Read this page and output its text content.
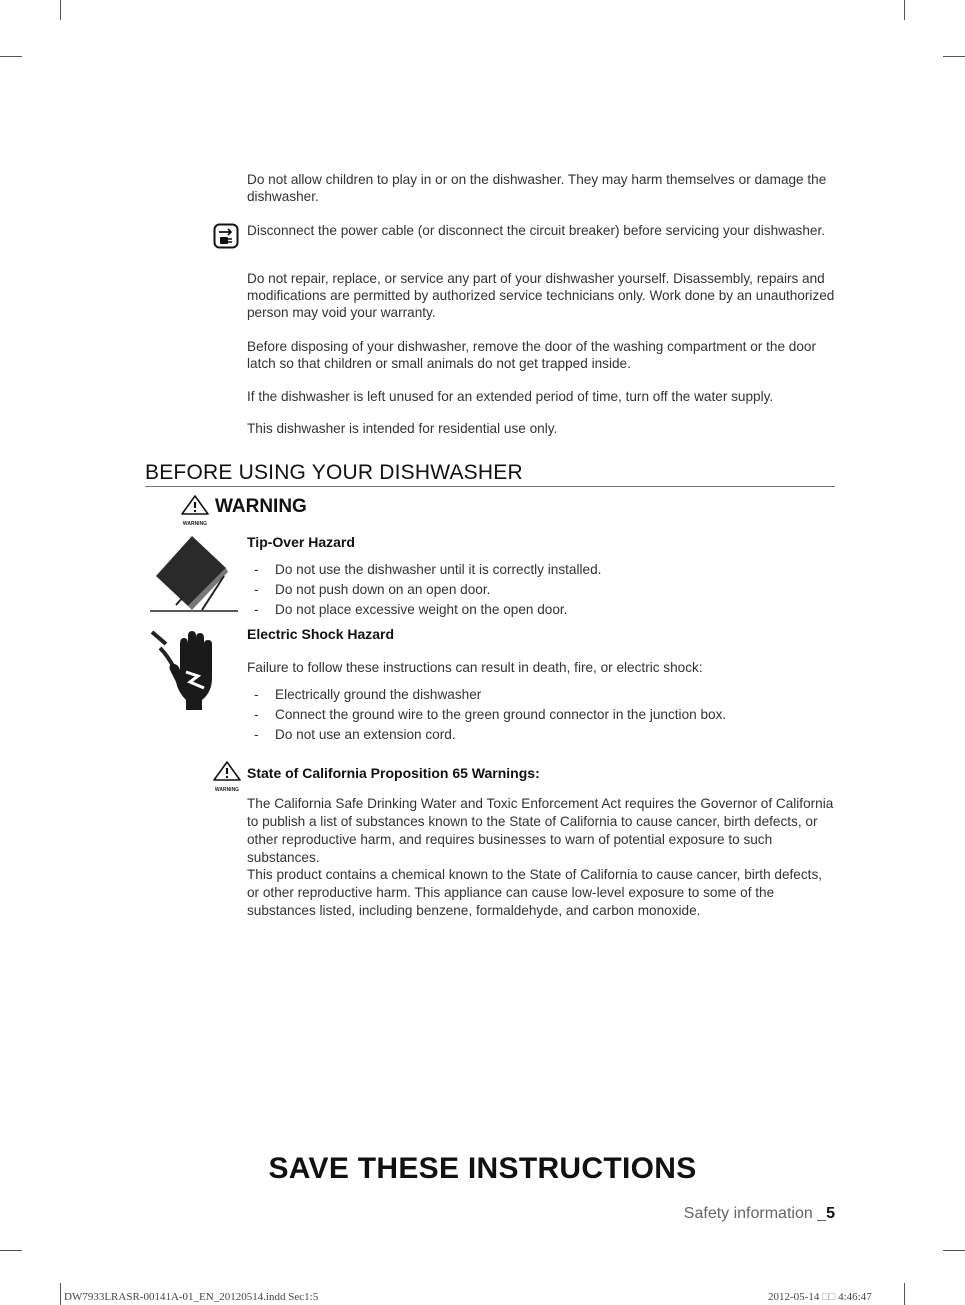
Do not allow children to play in or on the dishwasher. They may harm themselves or damage the dishwasher.

Disconnect the power cable (or disconnect the circuit breaker) before servicing your dishwasher.

Do not repair, replace, or service any part of your dishwasher yourself. Disassembly, repairs and modifications are permitted by authorized service technicians only. Work done by an unauthorized person may void your warranty.

Before disposing of your dishwasher, remove the door of the washing compartment or the door latch so that children or small animals do not get trapped inside.

If the dishwasher is left unused for an extended period of time, turn off the water supply.

This dishwasher is intended for residential use only.

BEFORE USING YOUR DISHWASHER
WARNING
WARNING
Tip-Over Hazard
- Do not use the dishwasher until it is correctly installed.
- Do not push down on an open door.
- Do not place excessive weight on the open door.
Electric Shock Hazard

Failure to follow these instructions can result in death, fire, or electric shock:

- Electrically ground the dishwasher
- Connect the ground wire to the green ground connector in the junction box.
- Do not use an extension cord.
WARNING
State of California Proposition 65 Warnings:

The California Safe Drinking Water and Toxic Enforcement Act requires the Governor of California to publish a list of substances known to the State of California to cause cancer, birth defects, or other reproductive harm, and requires businesses to warn of potential exposure to such substances.

This product contains a chemical known to the State of California to cause cancer, birth defects, or other reproductive harm. This appliance can cause low-level exposure to some of the substances listed, including benzene, formaldehyde, and carbon monoxide.

SAVE THESE INSTRUCTIONS
Safety information _5
DW7933LRASR-00141A-01_EN_20120514.indd Sec1:5	2012-05-14 □□ 4:46:47
